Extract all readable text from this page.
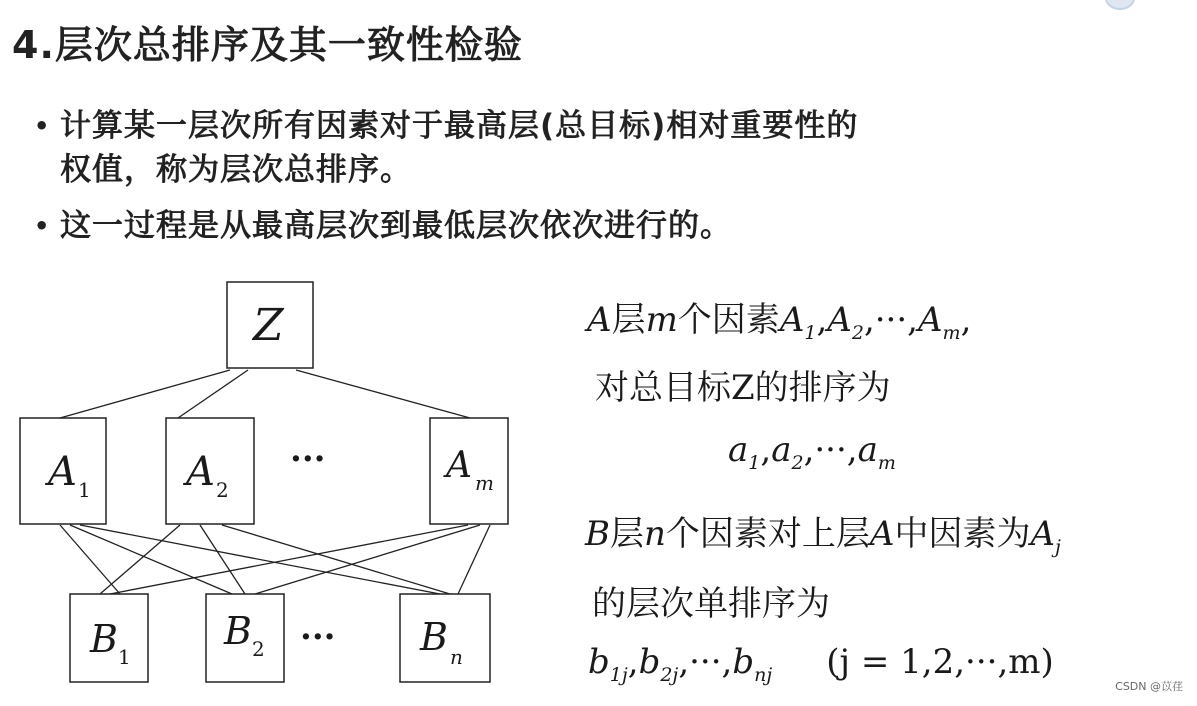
4.层次总排序及其一致性检验
• 计算某一层次所有因素对于最高层(总目标)相对重要性的
权值，称为层次总排序。
• 这一过程是从最高层次到最低层次依次进行的。
Z
A 1 A 2
···	A m
B 1
B 2 ··· B n
A层m个因素$A_1,A_2,\cdot\cdot\cdot,A_m$,
对总目标Z的排序为
$a_1,a_2,\cdot\cdot\cdot,a_m$
B层n个因素对上层A中因素为$A_j$
的层次单排序为
$b_{1j},b_{2j},\cdot\cdot\cdot,b_{nj}$ (j = 1,2,···,m)
CSDN @苡荏
